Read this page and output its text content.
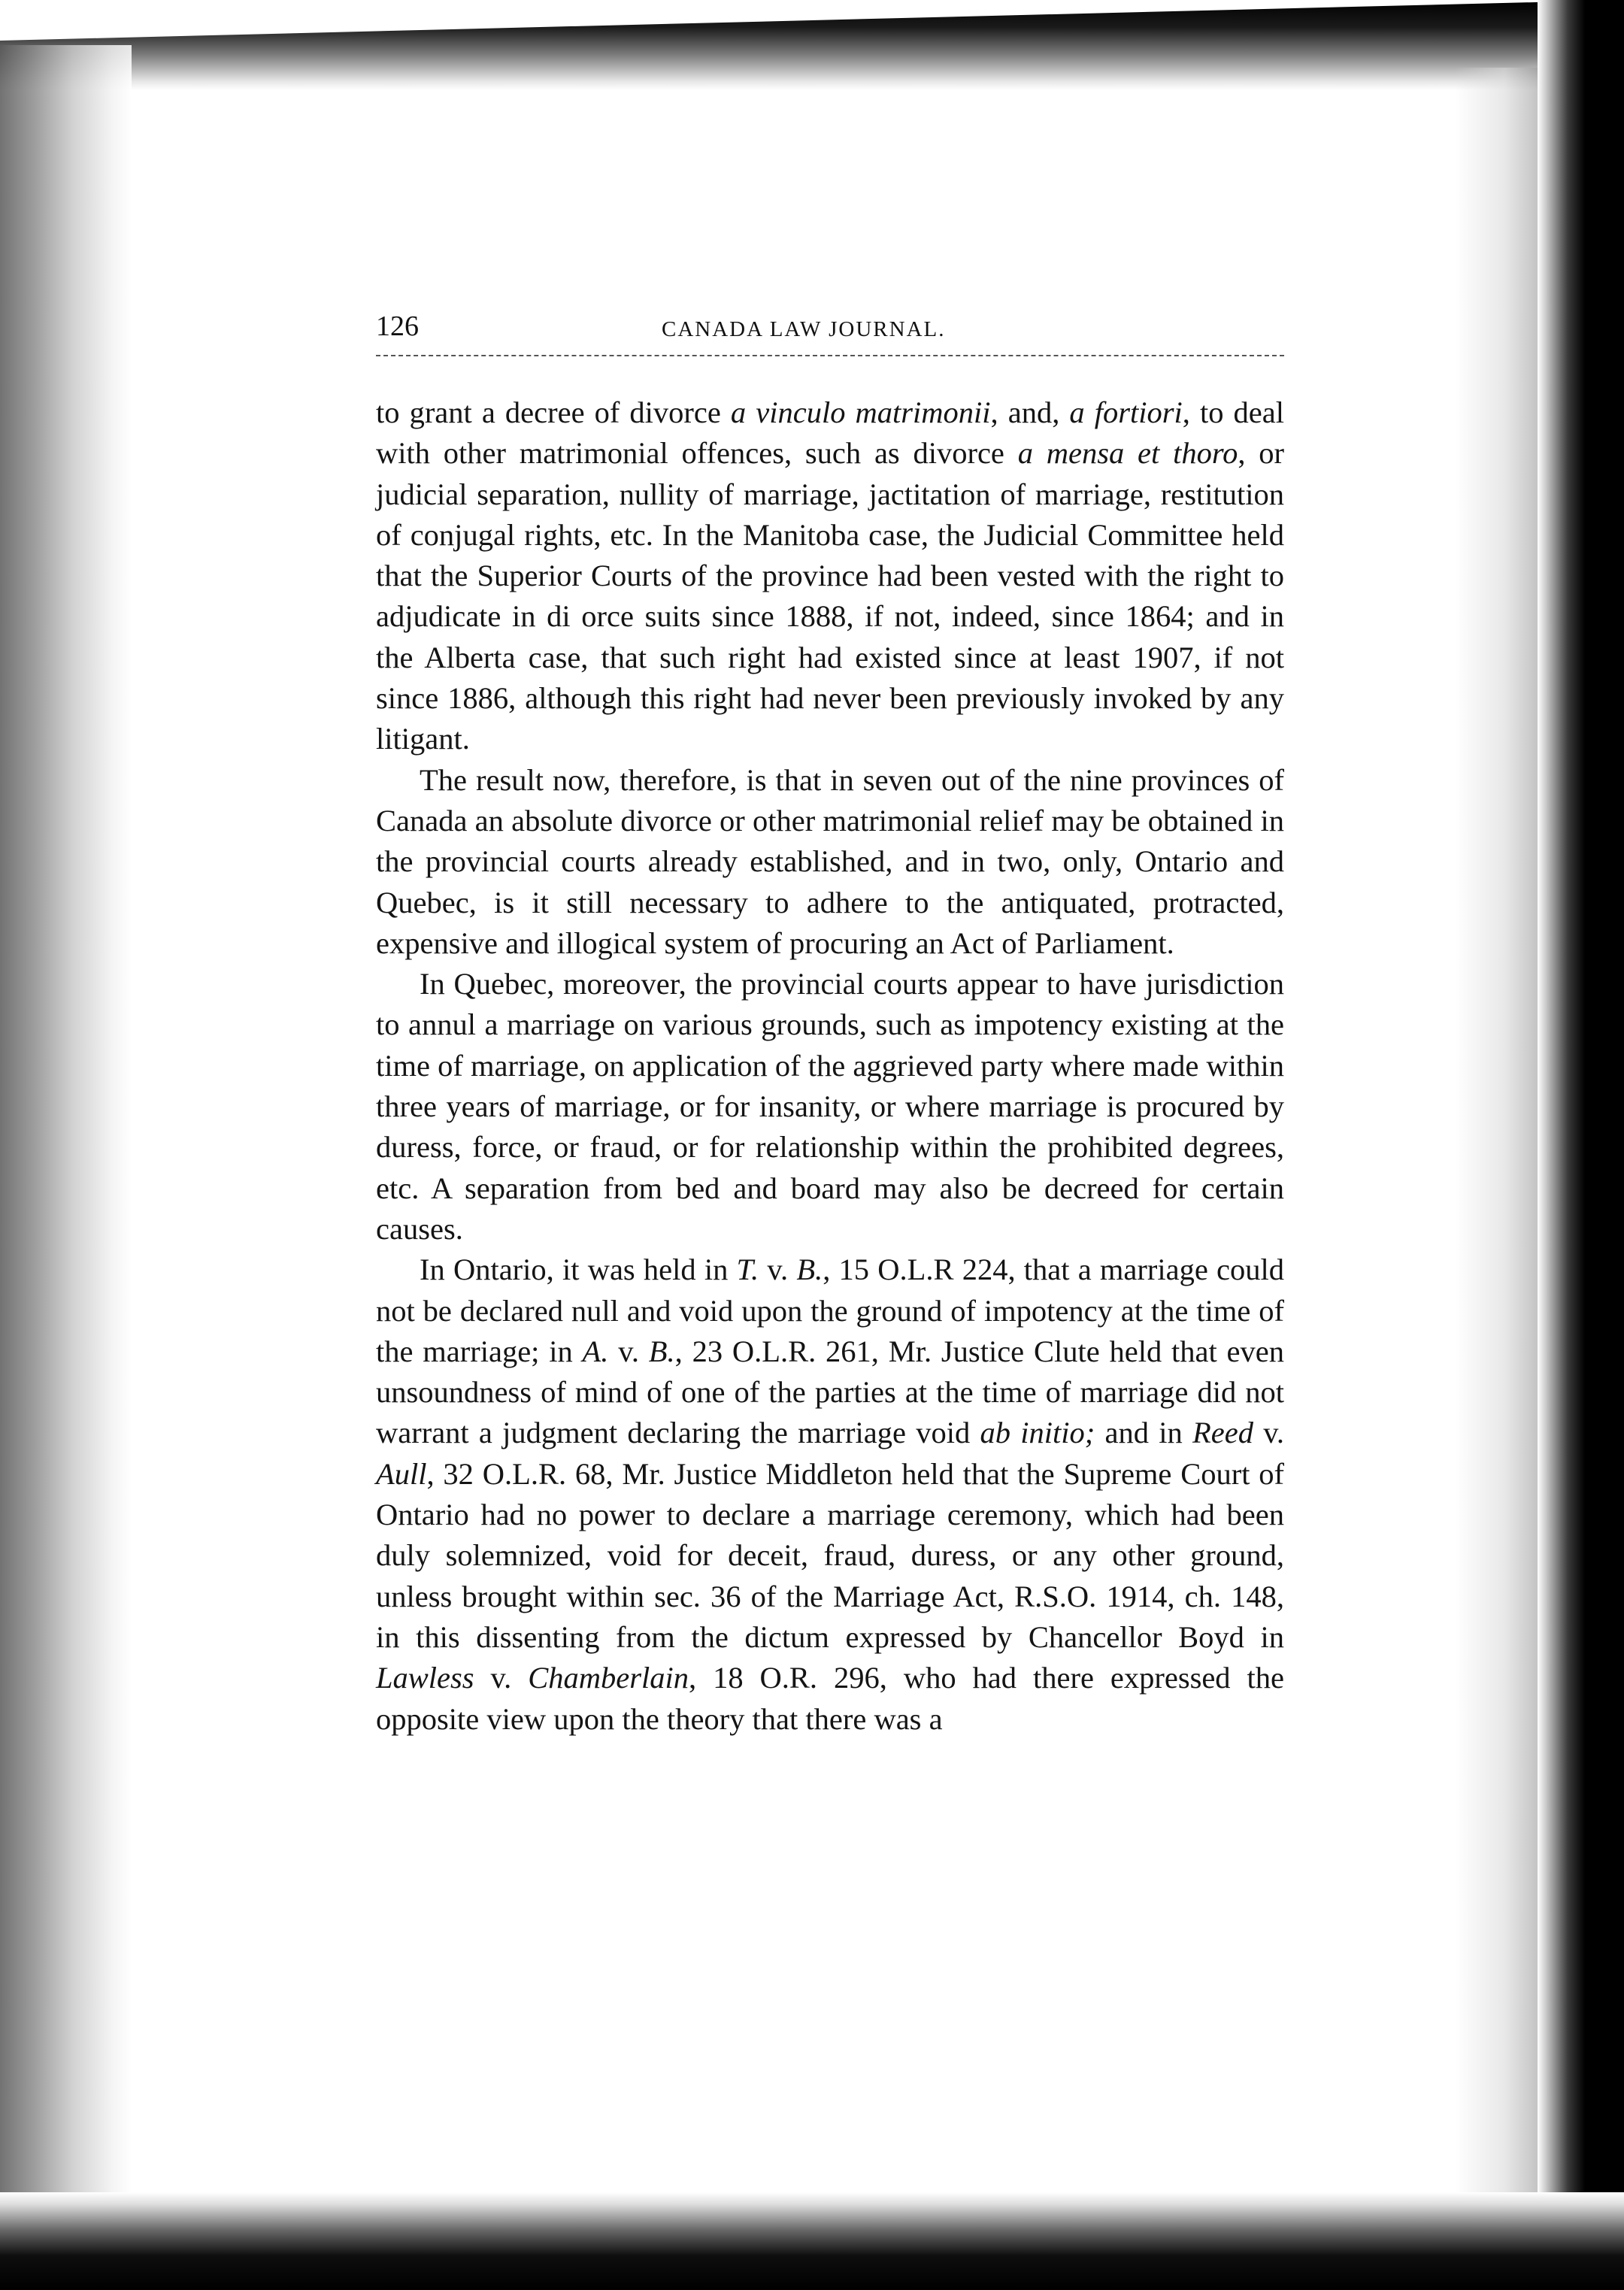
126	CANADA LAW JOURNAL.

to grant a decree of divorce a vinculo matrimonii, and, a fortiori, to deal with other matrimonial offences, such as divorce a mensa et thoro, or judicial separation, nullity of marriage, jactitation of marriage, restitution of conjugal rights, etc. In the Manitoba case, the Judicial Committee held that the Superior Courts of the province had been vested with the right to adjudicate in di orce suits since 1888, if not, indeed, since 1864; and in the Alberta case, that such right had existed since at least 1907, if not since 1886, although this right had never been previously invoked by any litigant.

The result now, therefore, is that in seven out of the nine provinces of Canada an absolute divorce or other matrimonial relief may be obtained in the provincial courts already established, and in two, only, Ontario and Quebec, is it still necessary to adhere to the antiquated, protracted, expensive and illogical system of procuring an Act of Parliament.

In Quebec, moreover, the provincial courts appear to have jurisdiction to annul a marriage on various grounds, such as impotency existing at the time of marriage, on application of the aggrieved party where made within three years of marriage, or for insanity, or where marriage is procured by duress, force, or fraud, or for relationship within the prohibited degrees, etc. A separation from bed and board may also be decreed for certain causes.

In Ontario, it was held in T. v. B., 15 O.L.R 224, that a marriage could not be declared null and void upon the ground of impotency at the time of the marriage; in A. v. B., 23 O.L.R. 261, Mr. Justice Clute held that even unsoundness of mind of one of the parties at the time of marriage did not warrant a judgment declaring the marriage void ab initio; and in Reed v. Aull, 32 O.L.R. 68, Mr. Justice Middleton held that the Supreme Court of Ontario had no power to declare a marriage ceremony, which had been duly solemnized, void for deceit, fraud, duress, or any other ground, unless brought within sec. 36 of the Marriage Act, R.S.O. 1914, ch. 148, in this dissenting from the dictum expressed by Chancellor Boyd in Lawless v. Chamberlain, 18 O.R. 296, who had there expressed the opposite view upon the theory that there was a
